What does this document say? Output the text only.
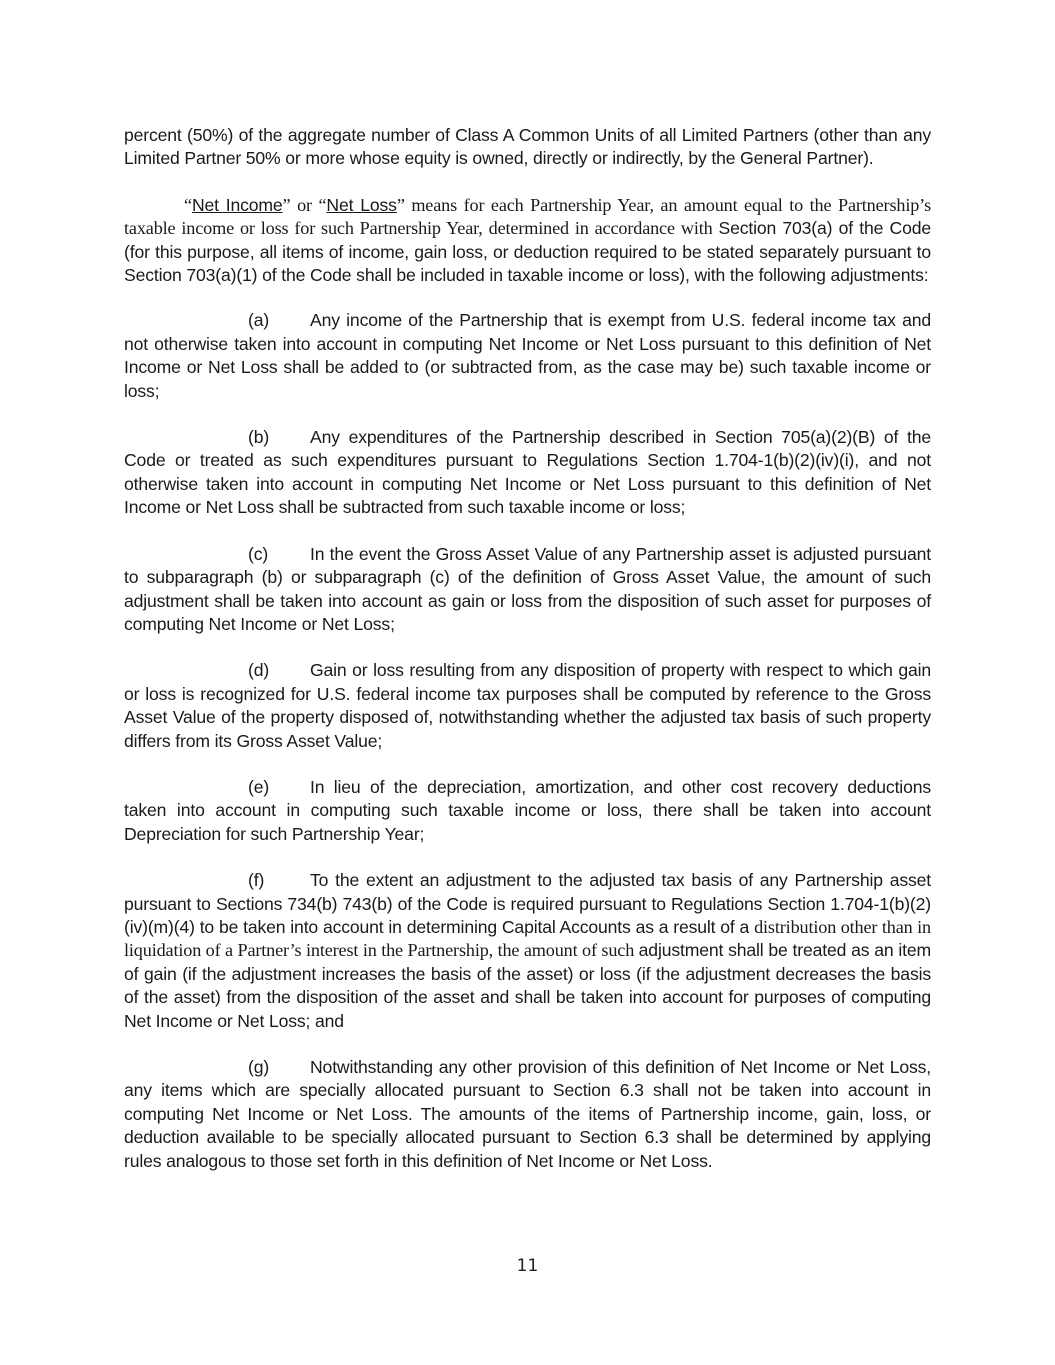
percent (50%) of the aggregate number of Class A Common Units of all Limited Partners (other than any Limited Partner 50% or more whose equity is owned, directly or indirectly, by the General Partner).

“Net Income” or “Net Loss” means for each Partnership Year, an amount equal to the Partnership’s taxable income or loss for such Partnership Year, determined in accordance with Section 703(a) of the Code (for this purpose, all items of income, gain loss, or deduction required to be stated separately pursuant to Section 703(a)(1) of the Code shall be included in taxable income or loss), with the following adjustments:

(a) Any income of the Partnership that is exempt from U.S. federal income tax and not otherwise taken into account in computing Net Income or Net Loss pursuant to this definition of Net Income or Net Loss shall be added to (or subtracted from, as the case may be) such taxable income or loss;

(b) Any expenditures of the Partnership described in Section 705(a)(2)(B) of the Code or treated as such expenditures pursuant to Regulations Section 1.704-1(b)(2)(iv)(i), and not otherwise taken into account in computing Net Income or Net Loss pursuant to this definition of Net Income or Net Loss shall be subtracted from such taxable income or loss;

(c) In the event the Gross Asset Value of any Partnership asset is adjusted pursuant to subparagraph (b) or subparagraph (c) of the definition of Gross Asset Value, the amount of such adjustment shall be taken into account as gain or loss from the disposition of such asset for purposes of computing Net Income or Net Loss;

(d) Gain or loss resulting from any disposition of property with respect to which gain or loss is recognized for U.S. federal income tax purposes shall be computed by reference to the Gross Asset Value of the property disposed of, notwithstanding whether the adjusted tax basis of such property differs from its Gross Asset Value;

(e) In lieu of the depreciation, amortization, and other cost recovery deductions taken into account in computing such taxable income or loss, there shall be taken into account Depreciation for such Partnership Year;

(f)	To the extent an adjustment to the adjusted tax basis of any Partnership asset pursuant to Sections 734(b) 743(b) of the Code is required pursuant to Regulations Section 1.704-1(b)(2)(iv)(m)(4) to be taken into account in determining Capital Accounts as a result of a distribution other than in liquidation of a Partner’s interest in the Partnership, the amount of such adjustment shall be treated as an item of gain (if the adjustment increases the basis of the asset) or loss (if the adjustment decreases the basis of the asset) from the disposition of the asset and shall be taken into account for purposes of computing Net Income or Net Loss; and

(g) Notwithstanding any other provision of this definition of Net Income or Net Loss, any items which are specially allocated pursuant to Section 6.3 shall not be taken into account in computing Net Income or Net Loss. The amounts of the items of Partnership income, gain, loss, or deduction available to be specially allocated pursuant to Section 6.3 shall be determined by applying rules analogous to those set forth in this definition of Net Income or Net Loss.

11
